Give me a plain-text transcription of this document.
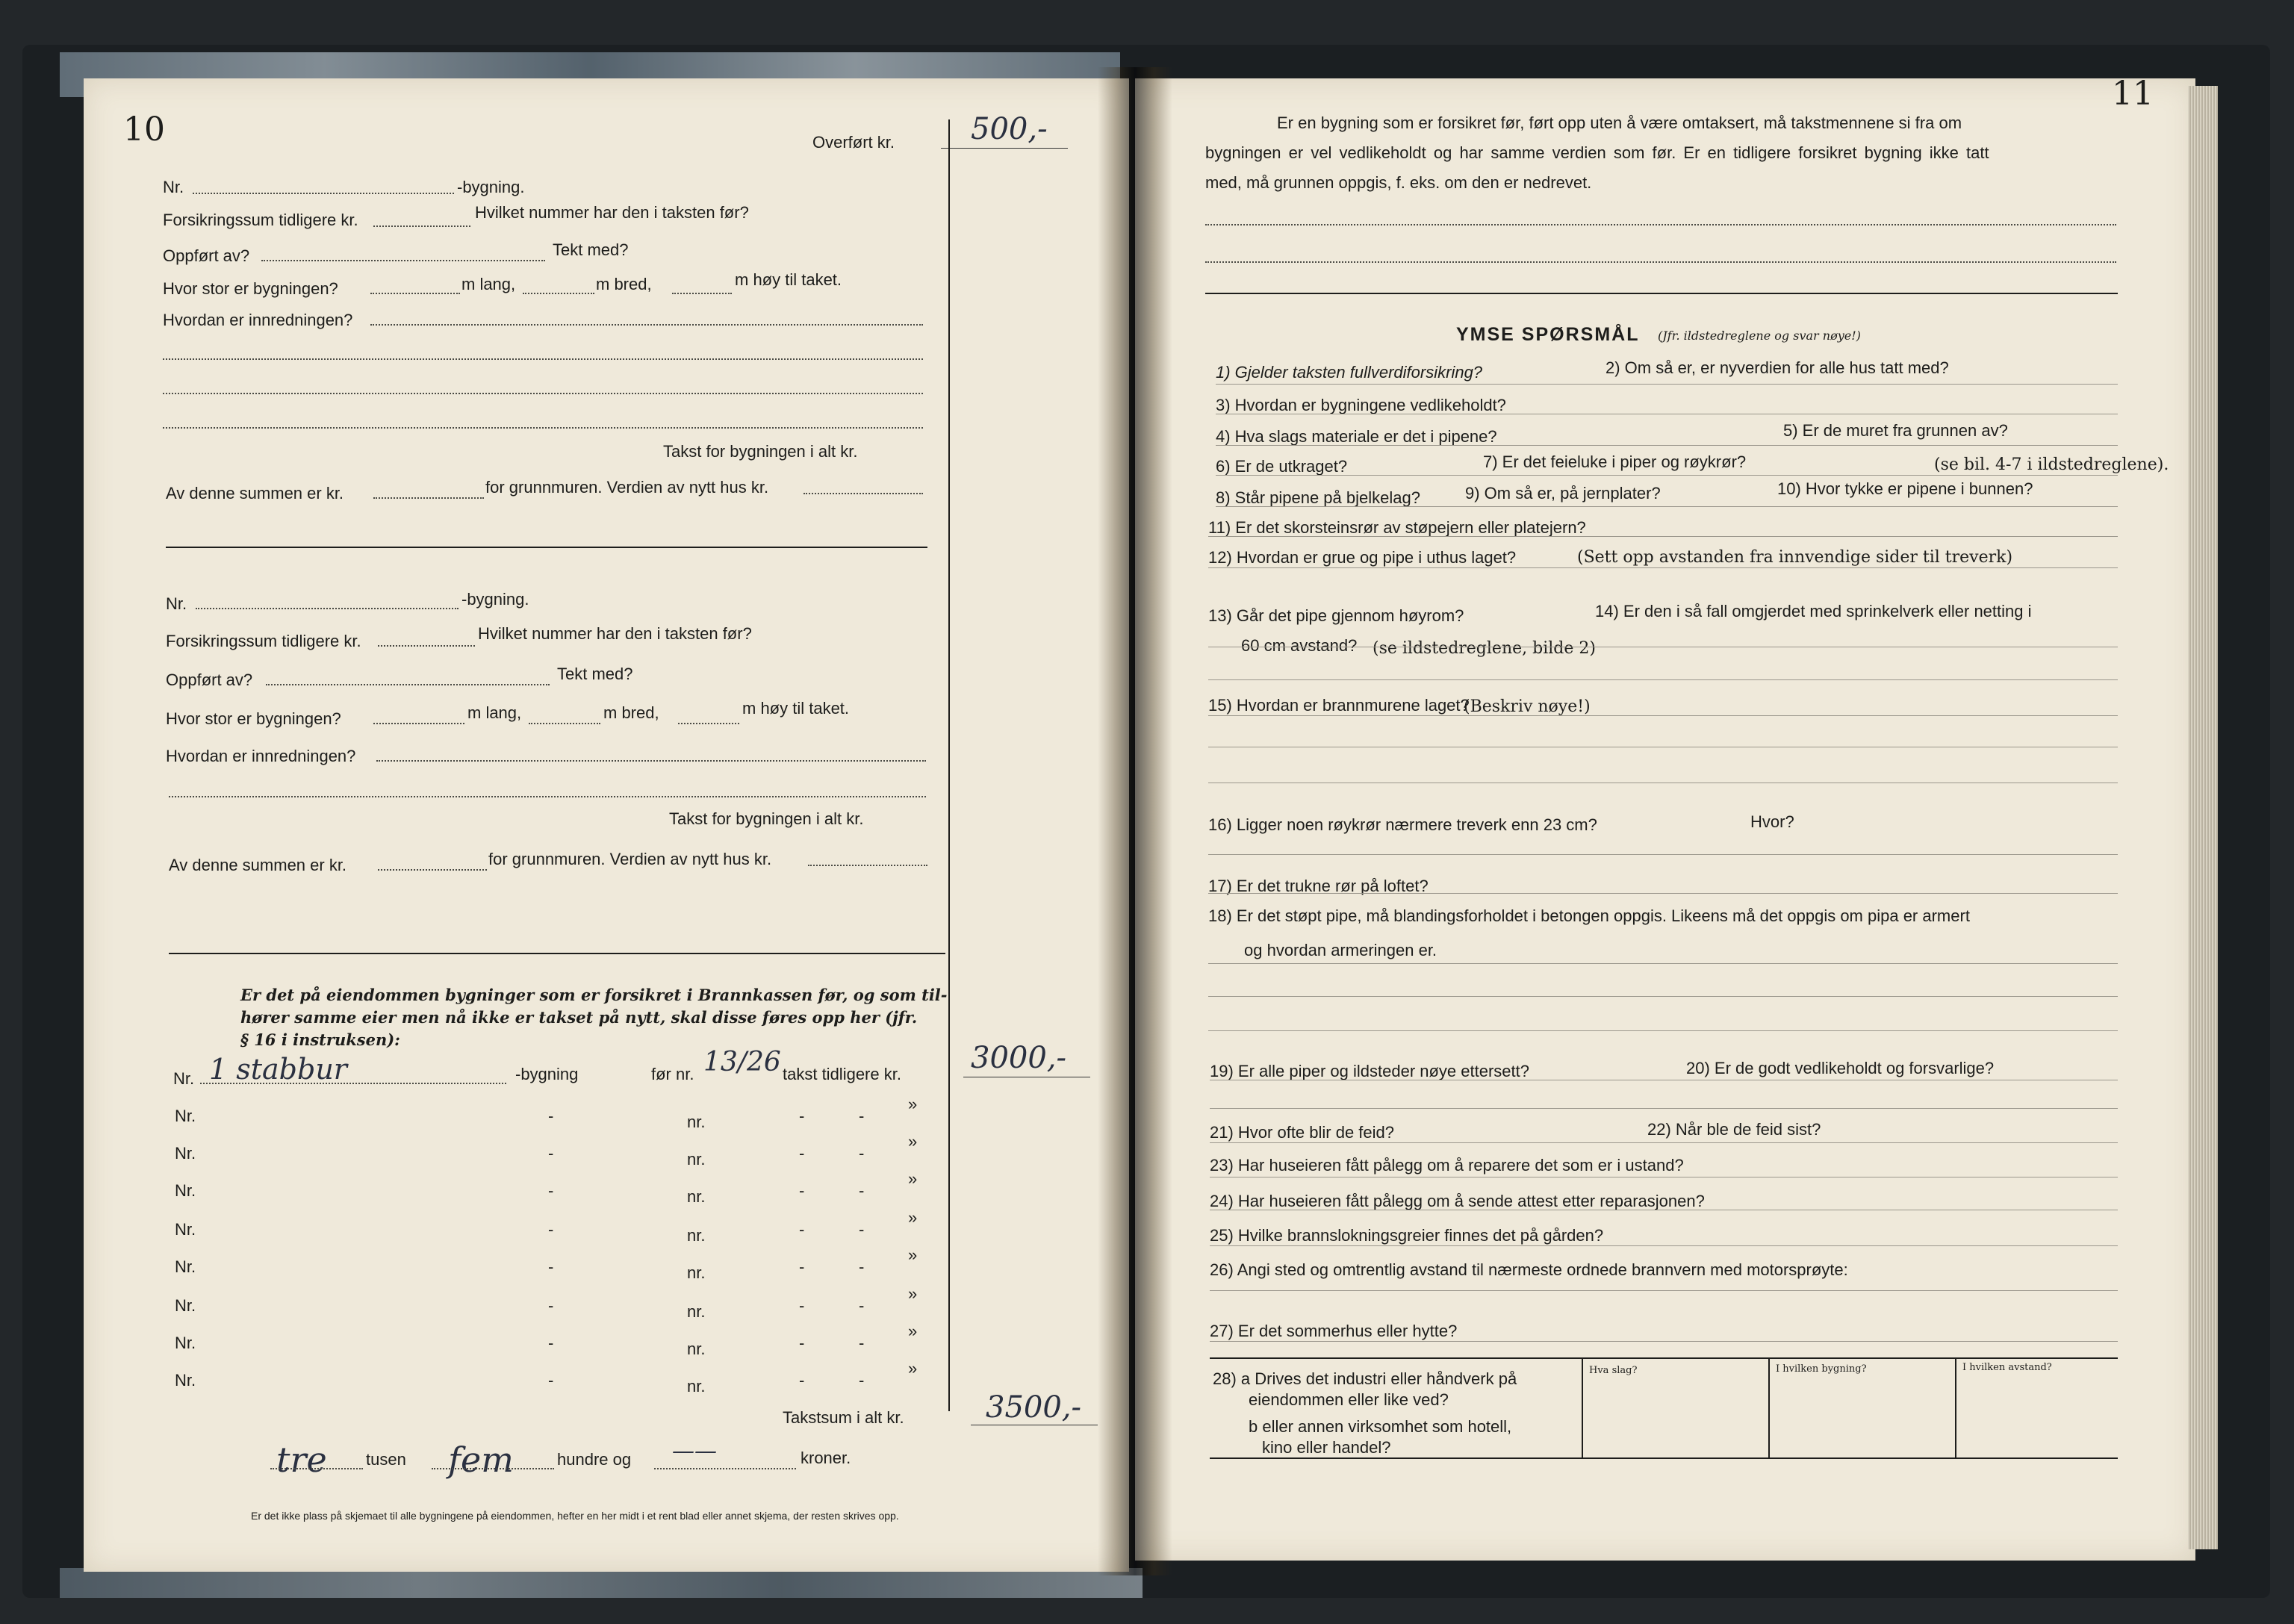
10	Overført kr.	500,-
Nr.	-bygning.
Forsikringssum tidligere kr.	Hvilket nummer har den i taksten før?
Oppført av?	Tekt med?
Hvor stor er bygningen?	m lang,	m bred,	m høy til taket.
Hvordan er innredningen?
Takst for bygningen i alt kr.
Av denne summen er kr.	for grunnmuren. Verdien av nytt hus kr.
Nr.	-bygning.
Forsikringssum tidligere kr.	Hvilket nummer har den i taksten før?
Oppført av?	Tekt med?
Hvor stor er bygningen?	m lang,	m bred,	m høy til taket.
Hvordan er innredningen?
Takst for bygningen i alt kr.
Av denne summen er kr.	for grunnmuren. Verdien av nytt hus kr.
Er det på eiendommen bygninger som er forsikret i Brannkassen før, og som til-
hører samme eier men nå ikke er takset på nytt, skal disse føres opp her (jfr.
§ 16 i instruksen):
Nr. 1 stabbur	-bygning	før nr. 13/26 takst tidligere kr. 3000,-
Nr.	-	nr.	-	-
»
Nr.	-	nr.	-	-
»
Nr.	-	nr.	-	-
»
Nr.	-	nr.	-	-
»
Nr.	-	nr.	-	-
»
Nr.	-	nr.	-	-
»
Nr.	-	nr.	-	-
»
Nr.	-	nr.	-	-
»
Takstsum i alt kr.	3500,-
tre tusen fem	hundre og ——	kroner.
Er det ikke plass på skjemaet til alle bygningene på eiendommen, hefter en her midt i et rent blad eller annet skjema, der resten skrives opp.
11
Er en bygning som er forsikret før, ført opp uten å være omtaksert, må takstmennene si fra om
bygningen er vel vedlikeholdt og har samme verdien som før. Er en tidligere forsikret bygning ikke tatt
med, må grunnen oppgis, f. eks. om den er nedrevet.
YMSE SPØRSMÅL (Jfr. ildstedreglene og svar nøye!)
1) Gjelder taksten fullverdiforsikring?	2) Om så er, er nyverdien for alle hus tatt med?
3) Hvordan er bygningene vedlikeholdt?
4) Hva slags materiale er det i pipene?	5) Er de muret fra grunnen av?
6) Er de utkraget?	7) Er det feieluke i piper og røykrør?	(se bil. 4-7 i ildstedreglene).
8) Står pipene på bjelkelag?	9) Om så er, på jernplater?	10) Hvor tykke er pipene i bunnen?
11) Er det skorsteinsrør av støpejern eller platejern?
12) Hvordan er grue og pipe i uthus laget?	(Sett opp avstanden fra innvendige sider til treverk)
13) Går det pipe gjennom høyrom?	14) Er den i så fall omgjerdet med sprinkelverk eller netting i
60 cm avstand? (se ildstedreglene, bilde 2)
15) Hvordan er brannmurene laget?
(Beskriv nøye!)
16) Ligger noen røykrør nærmere treverk enn 23 cm?	Hvor?
17) Er det trukne rør på loftet?
18) Er det støpt pipe, må blandingsforholdet i betongen oppgis. Likeens må det oppgis om pipa er armert
og hvordan armeringen er.
19) Er alle piper og ildsteder nøye ettersett?	20) Er de godt vedlikeholdt og forsvarlige?
21) Hvor ofte blir de feid?	22) Når ble de feid sist?
23) Har huseieren fått pålegg om å reparere det som er i ustand?
24) Har huseieren fått pålegg om å sende attest etter reparasjonen?
25) Hvilke brannslokningsgreier finnes det på gården?
26) Angi sted og omtrentlig avstand til nærmeste ordnede brannvern med motorsprøyte:
27) Er det sommerhus eller hytte?
28) a Drives det industri eller håndverk på
eiendommen eller like ved?
b eller annen virksomhet som hotell,
kino eller handel?
Hva slag?	I hvilken bygning?	I hvilken avstand?
